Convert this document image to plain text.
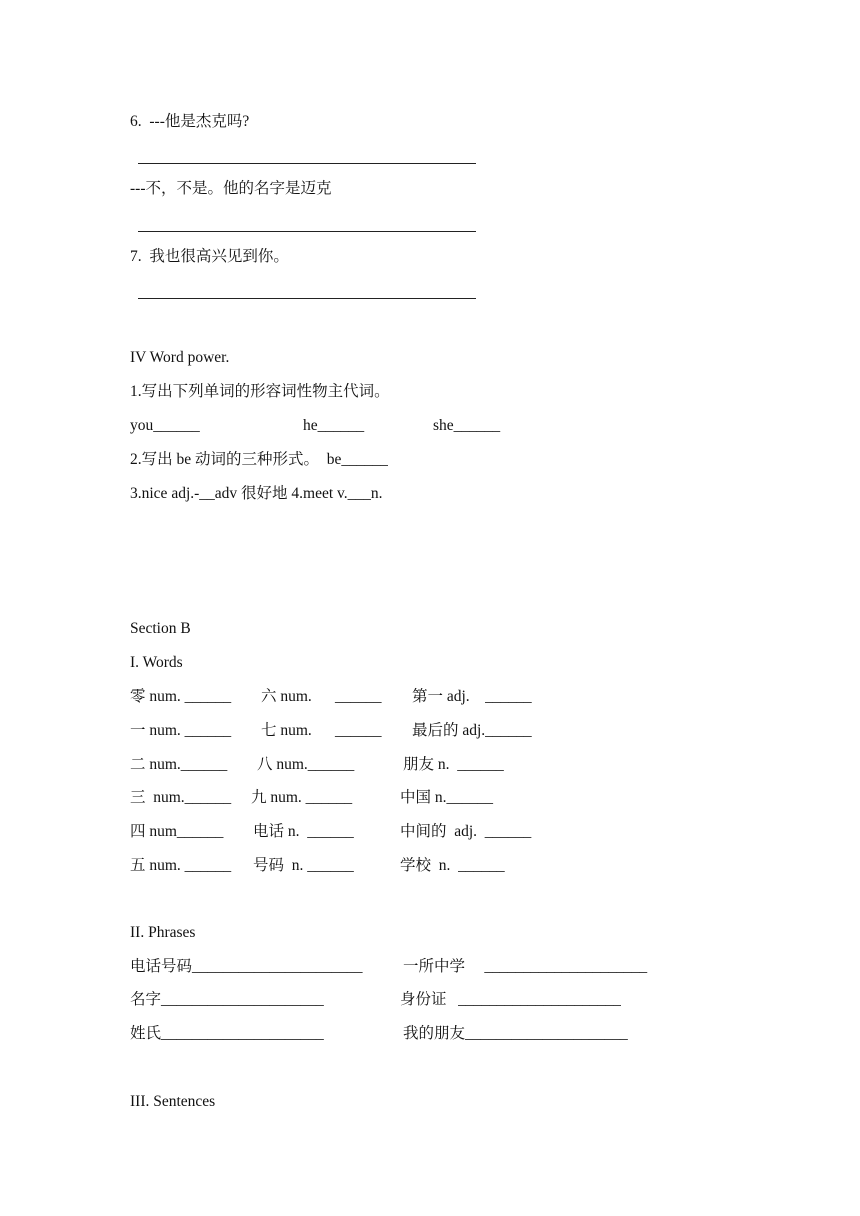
6.  ---他是杰克吗?
---不，不是。他的名字是迈克
7.  我也很高兴见到你。
IV Word power.
1.写出下列单词的形容词性物主代词。
you______	he______	she______
2.写出 be 动词的三种形式。  be______
3.nice adj.-__adv 很好地 4.meet v.___n.
Section B
I. Words
零 num. ______ 六 num.      ______ 第一 adj.    ______
一 num. ______ 七 num.      ______ 最后的 adj.______
二 num.______ 八 num.______	朋友 n.  ______
三  num.______ 九 num. ______	中国 n.______
四 num______ 电话 n.  ______	中间的  adj.  ______
五 num. ______ 号码  n. ______	学校  n.  ______
II. Phrases
电话号码______________________	一所中学     _____________________
名字_____________________	身份证   _____________________
姓氏_____________________	我的朋友_____________________
III. Sentences
